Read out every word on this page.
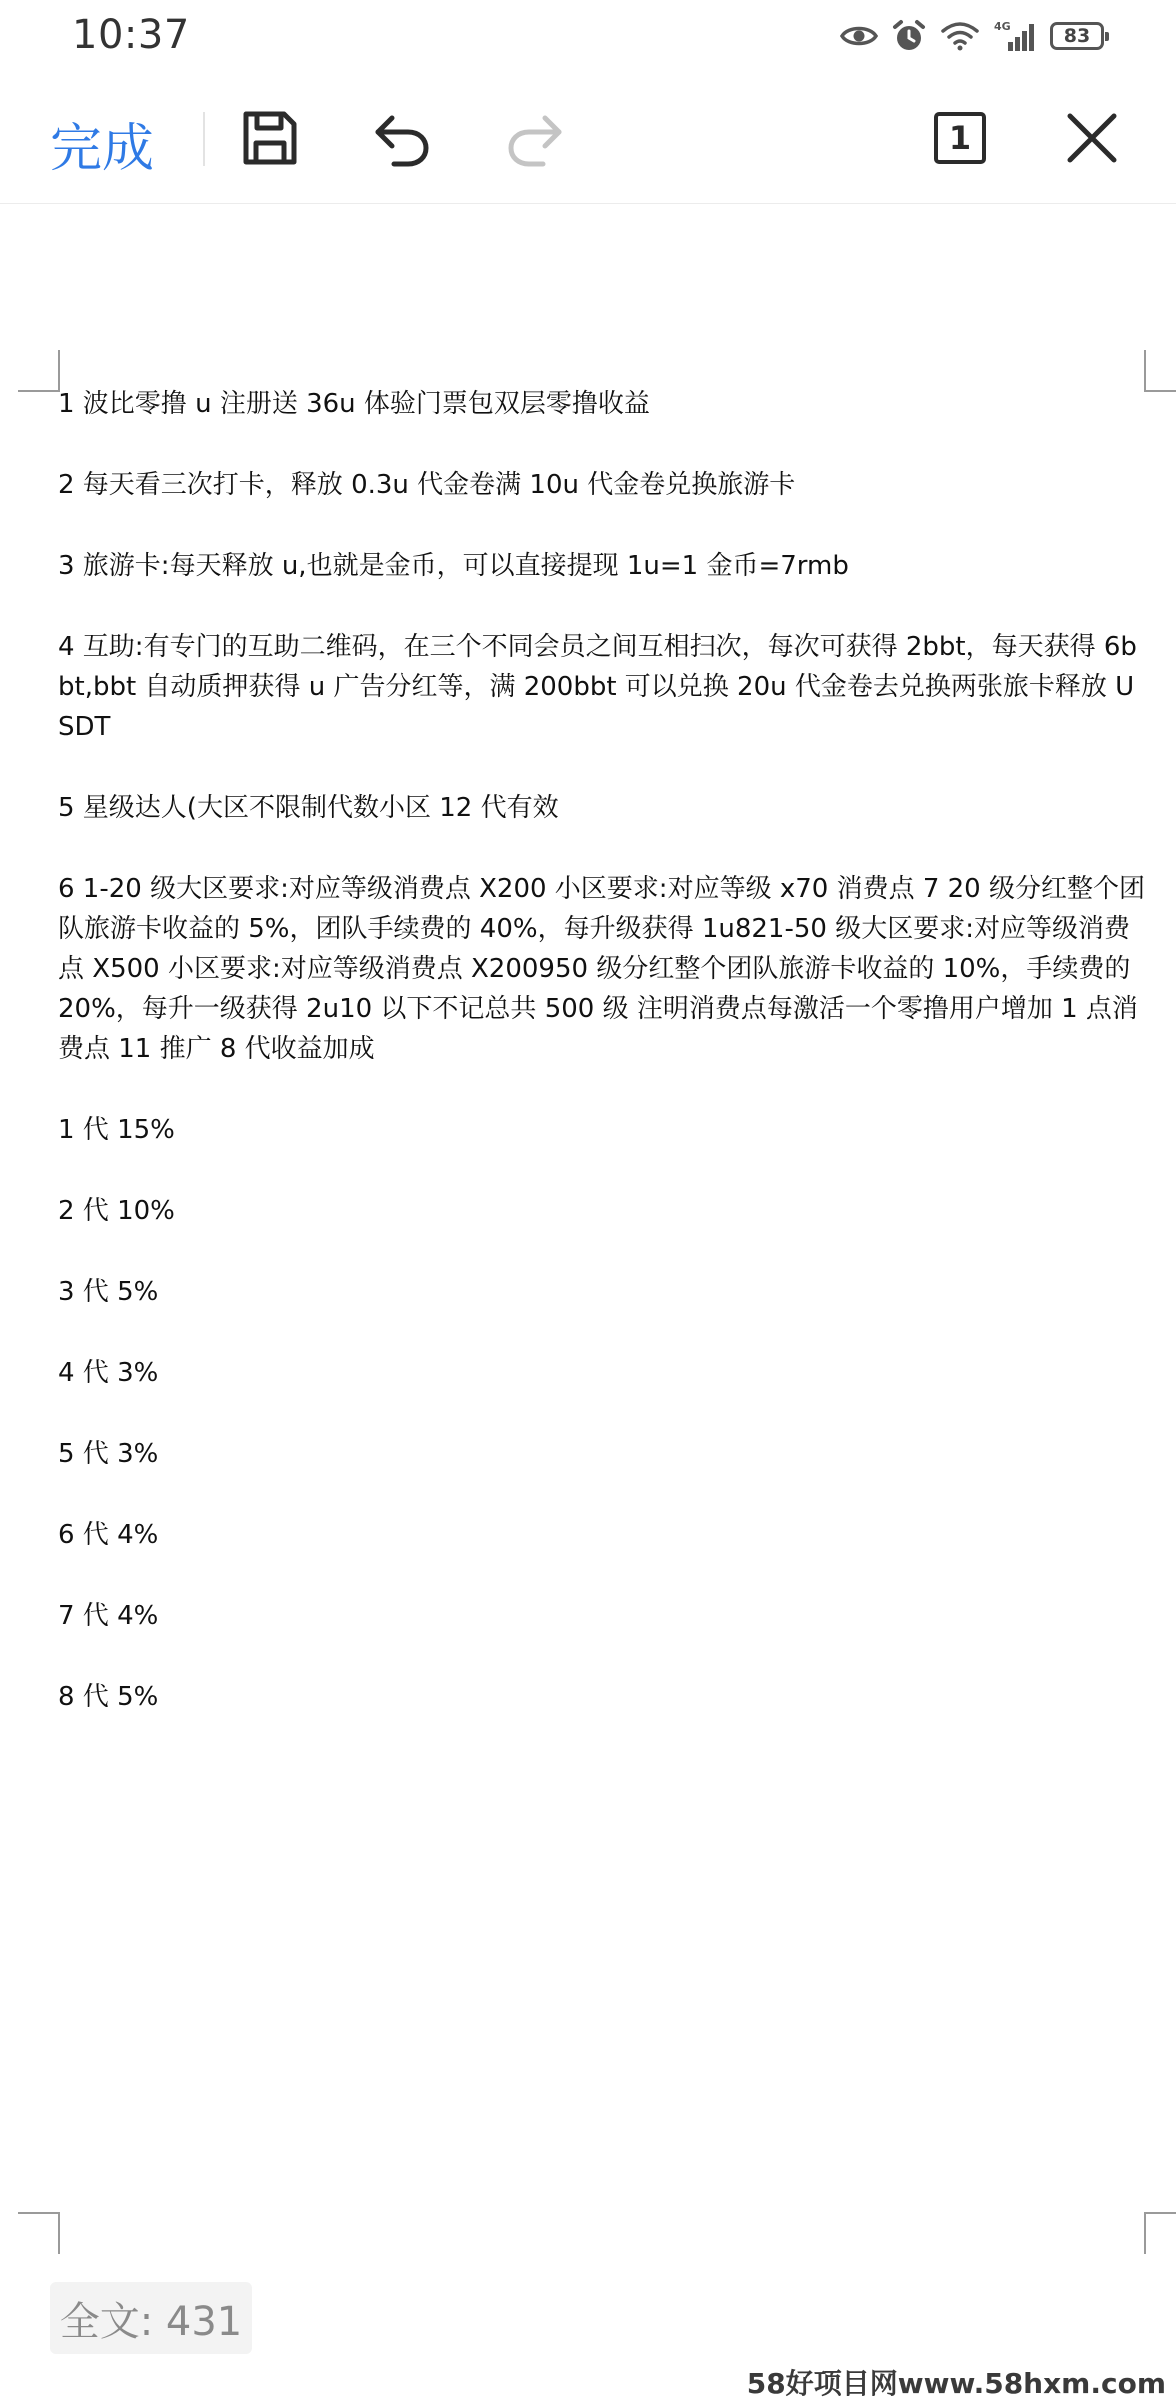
10:37	4G	83
完成	1

1 波比零撸 u 注册送 36u 体验门票包双层零撸收益

2 每天看三次打卡，释放 0.3u 代金卷满 10u 代金卷兑换旅游卡

3 旅游卡:每天释放 u,也就是金币，可以直接提现 1u=1 金币=7rmb

4 互助:有专门的互助二维码，在三个不同会员之间互相扫次，每次可获得 2bbt，每天获得 6bbt,bbt 自动质押获得 u 广告分红等，满 200bbt 可以兑换 20u 代金卷去兑换两张旅卡释放 USDT

5 星级达人(大区不限制代数小区 12 代有效

6 1-20 级大区要求:对应等级消费点 X200 小区要求:对应等级 x70 消费点 7 20 级分红整个团队旅游卡收益的 5%，团队手续费的 40%，每升级获得 1u821-50 级大区要求:对应等级消费点 X500 小区要求:对应等级消费点 X200950 级分红整个团队旅游卡收益的 10%，手续费的 20%，每升一级获得 2u10 以下不记总共 500 级 注明消费点每激活一个零撸用户增加 1 点消费点 11 推广 8 代收益加成

1 代 15%

2 代 10%

3 代 5%

4 代 3%

5 代 3%

6 代 4%

7 代 4%

8 代 5%

全文: 431
58好项目网www.58hxm.com
